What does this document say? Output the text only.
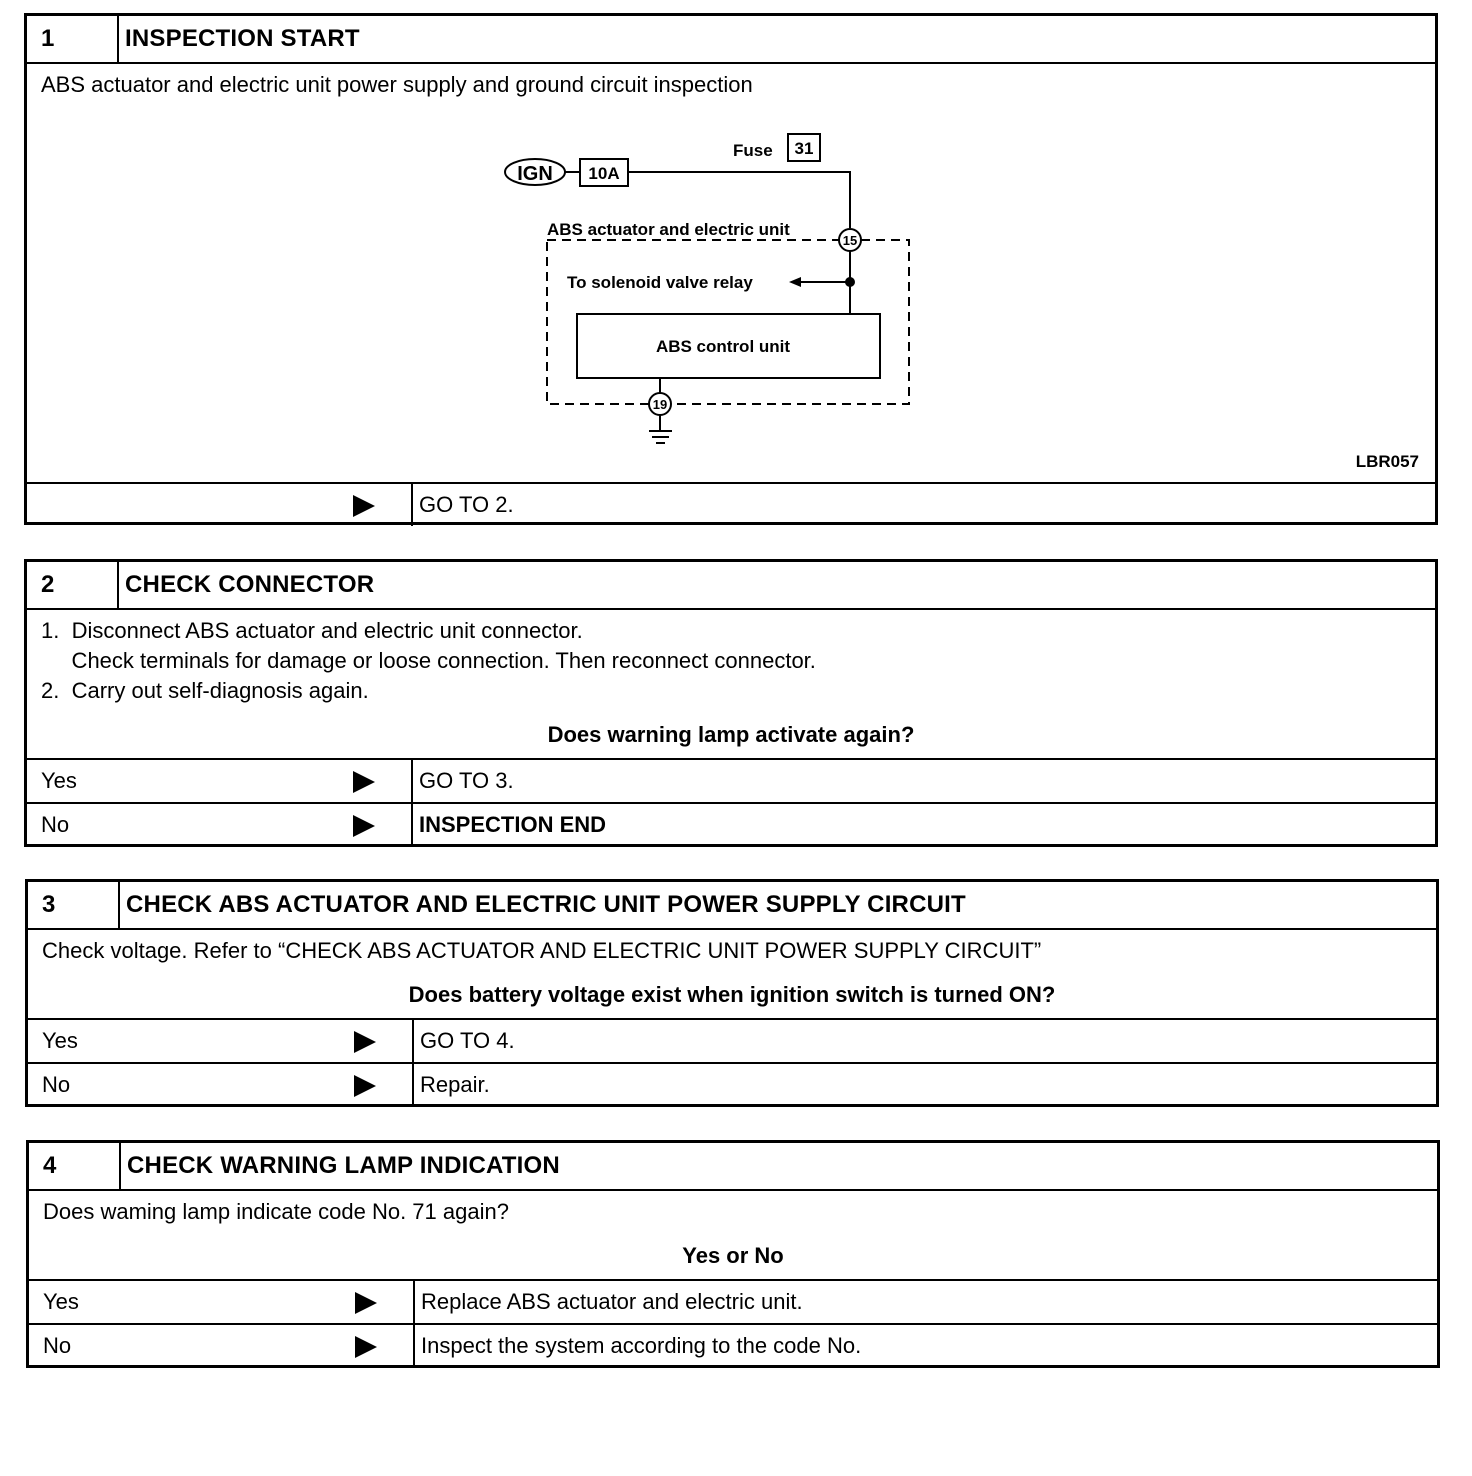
1	INSPECTION START
ABS actuator and electric unit power supply and ground circuit inspection
IGN 10A
Fuse 31
ABS actuator and electric unit
15
To solenoid valve relay
ABS control unit
19
LBR057
GO TO 2.
2	CHECK CONNECTOR
1.  Disconnect ABS actuator and electric unit connector.
Check terminals for damage or loose connection. Then reconnect connector.
2.  Carry out self-diagnosis again.
Does warning lamp activate again?
Yes	GO TO 3.
No	INSPECTION END
3	CHECK ABS ACTUATOR AND ELECTRIC UNIT POWER SUPPLY CIRCUIT
Check voltage. Refer to “CHECK ABS ACTUATOR AND ELECTRIC UNIT POWER SUPPLY CIRCUIT”
Does battery voltage exist when ignition switch is turned ON?
Yes	GO TO 4.
No	Repair.
4	CHECK WARNING LAMP INDICATION
Does waming lamp indicate code No. 71 again?
Yes or No
Yes	Replace ABS actuator and electric unit.
No	Inspect the system according to the code No.
